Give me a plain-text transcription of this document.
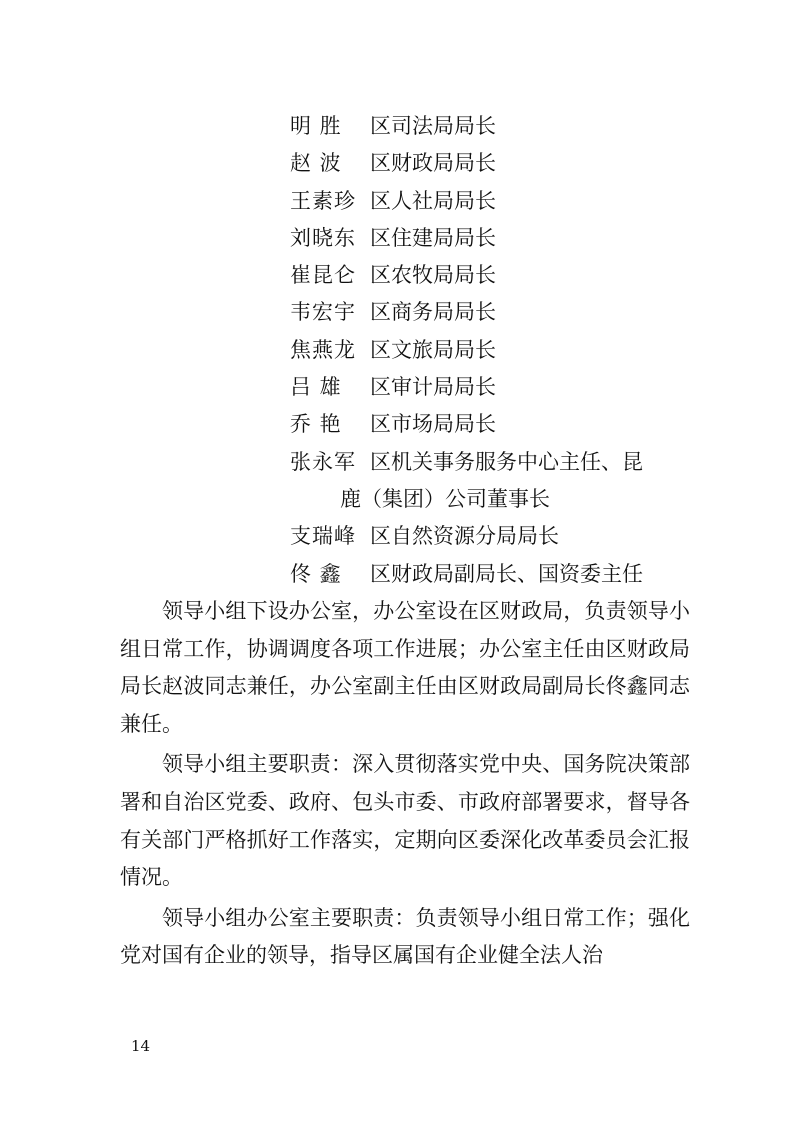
明 胜	区司法局局长
赵 波	区财政局局长
王素珍 区人社局局长
刘晓东 区住建局局长
崔昆仑 区农牧局局长
韦宏宇 区商务局局长
焦燕龙 区文旅局局长
吕 雄	区审计局局长
乔 艳	区市场局局长
张永军 区机关事务服务中心主任、昆
鹿（集团）公司董事长
支瑞峰 区自然资源分局局长
佟 鑫	区财政局副局长、国资委主任

领导小组下设办公室，办公室设在区财政局，负责领导小组日常工作，协调调度各项工作进展；办公室主任由区财政局局长赵波同志兼任，办公室副主任由区财政局副局长佟鑫同志兼任。

领导小组主要职责：深入贯彻落实党中央、国务院决策部署和自治区党委、政府、包头市委、市政府部署要求，督导各有关部门严格抓好工作落实，定期向区委深化改革委员会汇报情况。

领导小组办公室主要职责：负责领导小组日常工作；强化党对国有企业的领导，指导区属国有企业健全法人治

14
